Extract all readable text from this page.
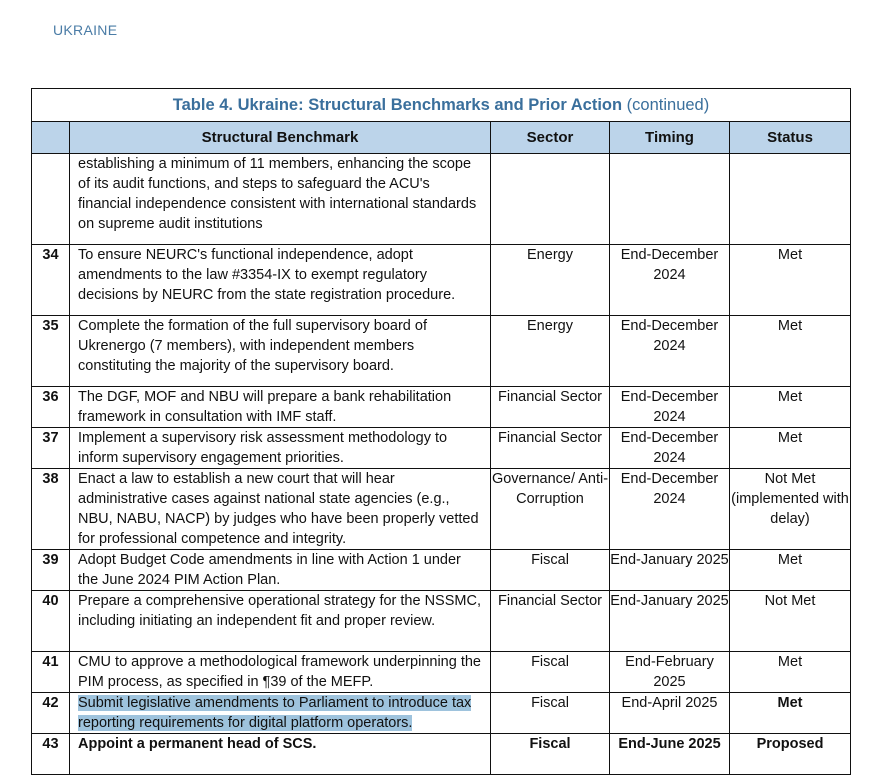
UKRAINE
Table 4. Ukraine: Structural Benchmarks and Prior Action (continued)				
	Structural Benchmark	Sector	Timing	Status
	establishing a minimum of 11 members, enhancing the scope of its audit functions, and steps to safeguard the ACU's financial independence consistent with international standards on supreme audit institutions			
34	To ensure NEURC's functional independence, adopt amendments to the law #3354-IX to exempt regulatory decisions by NEURC from the state registration procedure.	Energy	End-December 2024	Met
35	Complete the formation of the full supervisory board of Ukrenergo (7 members), with independent members constituting the majority of the supervisory board.	Energy	End-December 2024	Met
36	The DGF, MOF and NBU will prepare a bank rehabilitation framework in consultation with IMF staff.	Financial Sector	End-December 2024	Met
37	Implement a supervisory risk assessment methodology to inform supervisory engagement priorities.	Financial Sector	End-December 2024	Met
38	Enact a law to establish a new court that will hear administrative cases against national state agencies (e.g., NBU, NABU, NACP) by judges who have been properly vetted for professional competence and integrity.	Governance/ Anti-Corruption	End-December 2024	Not Met (implemented with delay)
39	Adopt Budget Code amendments in line with Action 1 under the June 2024 PIM Action Plan.	Fiscal	End-January 2025	Met
40	Prepare a comprehensive operational strategy for the NSSMC, including initiating an independent fit and proper review.	Financial Sector	End-January 2025	Not Met
41	CMU to approve a methodological framework underpinning the PIM process, as specified in ¶39 of the MEFP.	Fiscal	End-February 2025	Met
42	Submit legislative amendments to Parliament to introduce tax reporting requirements for digital platform operators.	Fiscal	End-April 2025	Met
43	Appoint a permanent head of SCS.	Fiscal	End-June 2025	Proposed
